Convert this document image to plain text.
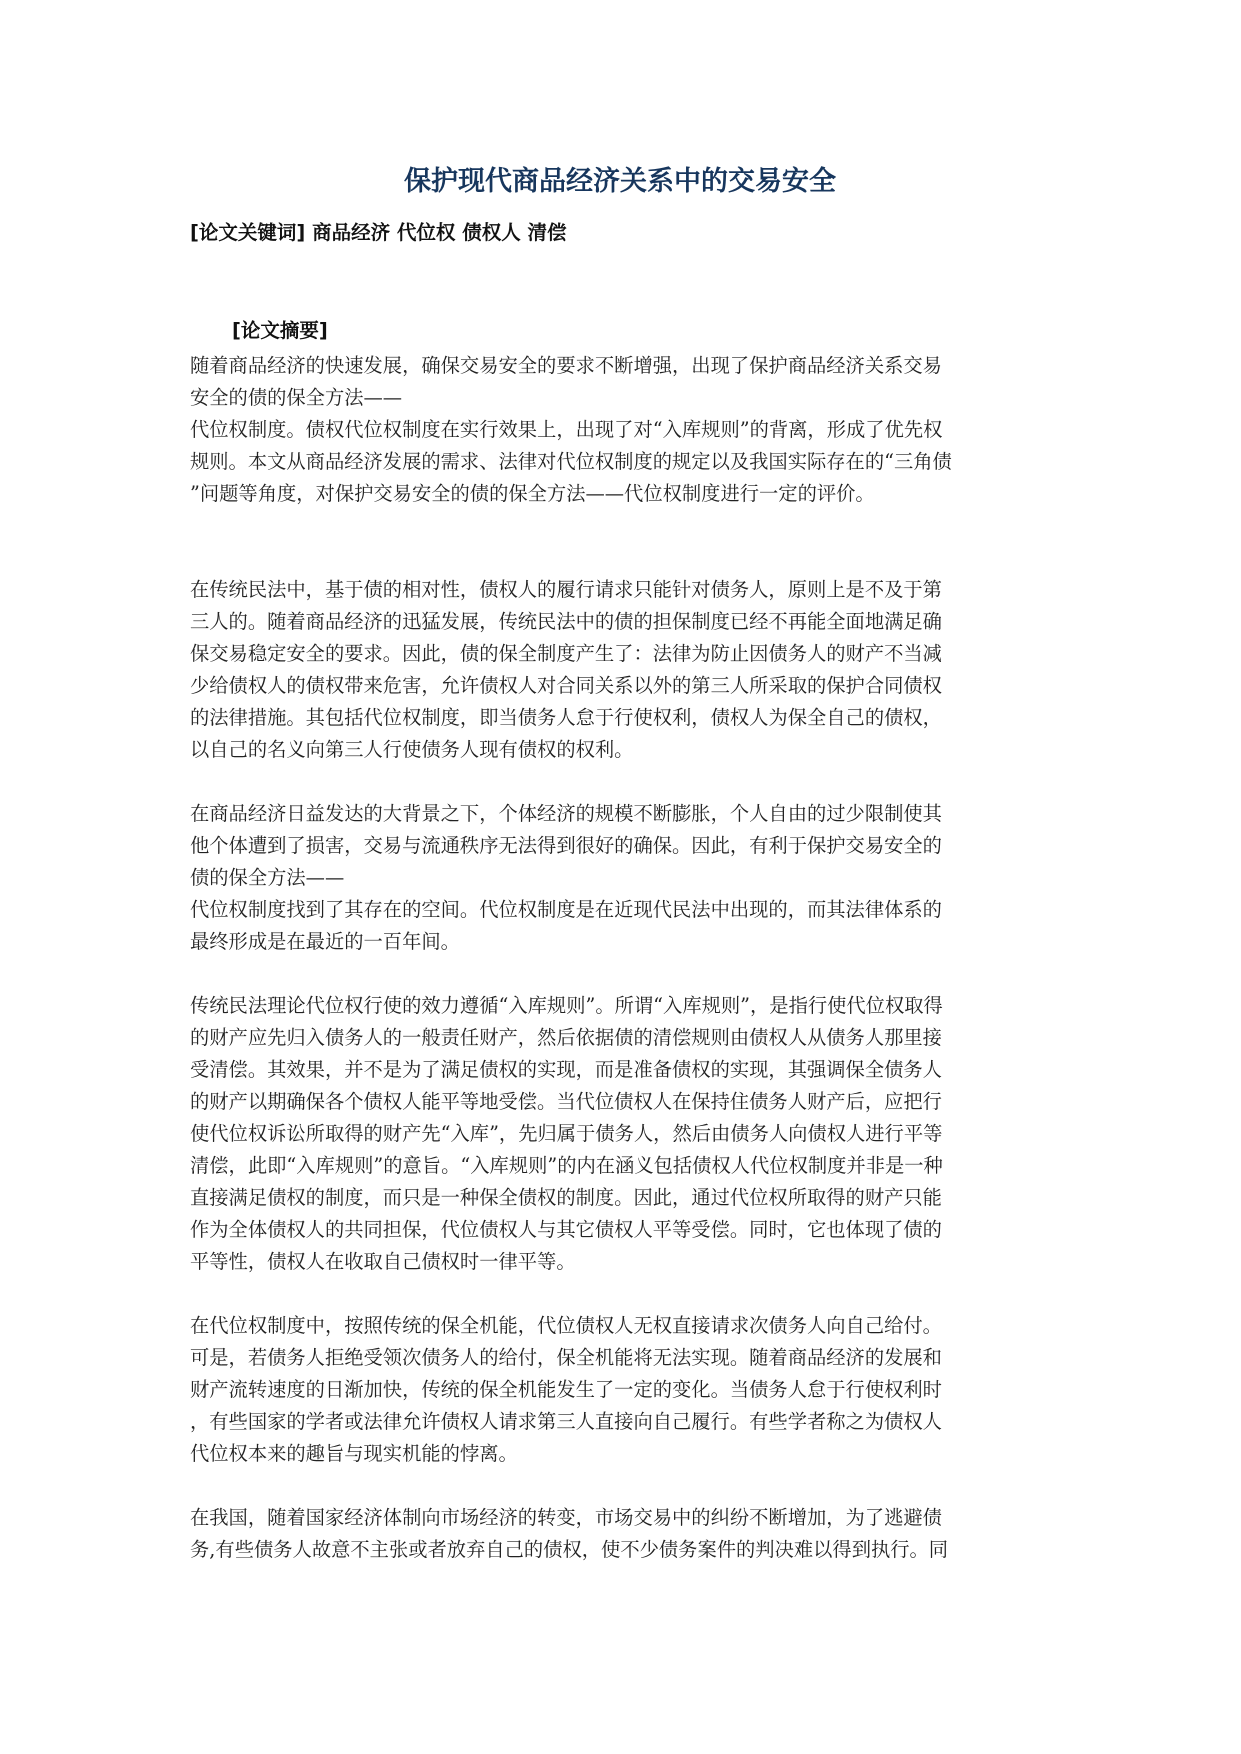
保护现代商品经济关系中的交易安全
[论文关键词] 商品经济 代位权 债权人 清偿
[论文摘要]
随着商品经济的快速发展，确保交易安全的要求不断增强，出现了保护商品经济关系交易
安全的债的保全方法——
代位权制度。债权代位权制度在实行效果上，出现了对“入库规则”的背离，形成了优先权
规则。本文从商品经济发展的需求、法律对代位权制度的规定以及我国实际存在的“三角债
”问题等角度，对保护交易安全的债的保全方法——代位权制度进行一定的评价。
在传统民法中，基于债的相对性，债权人的履行请求只能针对债务人，原则上是不及于第
三人的。随着商品经济的迅猛发展，传统民法中的债的担保制度已经不再能全面地满足确
保交易稳定安全的要求。因此，债的保全制度产生了：法律为防止因债务人的财产不当减
少给债权人的债权带来危害，允许债权人对合同关系以外的第三人所采取的保护合同债权
的法律措施。其包括代位权制度，即当债务人怠于行使权利，债权人为保全自己的债权，
以自己的名义向第三人行使债务人现有债权的权利。
在商品经济日益发达的大背景之下，个体经济的规模不断膨胀，个人自由的过少限制使其
他个体遭到了损害，交易与流通秩序无法得到很好的确保。因此，有利于保护交易安全的
债的保全方法——
代位权制度找到了其存在的空间。代位权制度是在近现代民法中出现的，而其法律体系的
最终形成是在最近的一百年间。
传统民法理论代位权行使的效力遵循“入库规则”。所谓“入库规则”，是指行使代位权取得
的财产应先归入债务人的一般责任财产，然后依据债的清偿规则由债权人从债务人那里接
受清偿。其效果，并不是为了满足债权的实现，而是准备债权的实现，其强调保全债务人
的财产以期确保各个债权人能平等地受偿。当代位债权人在保持住债务人财产后，应把行
使代位权诉讼所取得的财产先“入库”，先归属于债务人，然后由债务人向债权人进行平等
清偿，此即“入库规则”的意旨。“入库规则”的内在涵义包括债权人代位权制度并非是一种
直接满足债权的制度，而只是一种保全债权的制度。因此，通过代位权所取得的财产只能
作为全体债权人的共同担保，代位债权人与其它债权人平等受偿。同时，它也体现了债的
平等性，债权人在收取自己债权时一律平等。
在代位权制度中，按照传统的保全机能，代位债权人无权直接请求次债务人向自己给付。
可是，若债务人拒绝受领次债务人的给付，保全机能将无法实现。随着商品经济的发展和
财产流转速度的日渐加快，传统的保全机能发生了一定的变化。当债务人怠于行使权利时
，有些国家的学者或法律允许债权人请求第三人直接向自己履行。有些学者称之为债权人
代位权本来的趣旨与现实机能的悖离。
在我国，随着国家经济体制向市场经济的转变，市场交易中的纠纷不断增加，为了逃避债
务,有些债务人故意不主张或者放弃自己的债权，使不少债务案件的判决难以得到执行。同
